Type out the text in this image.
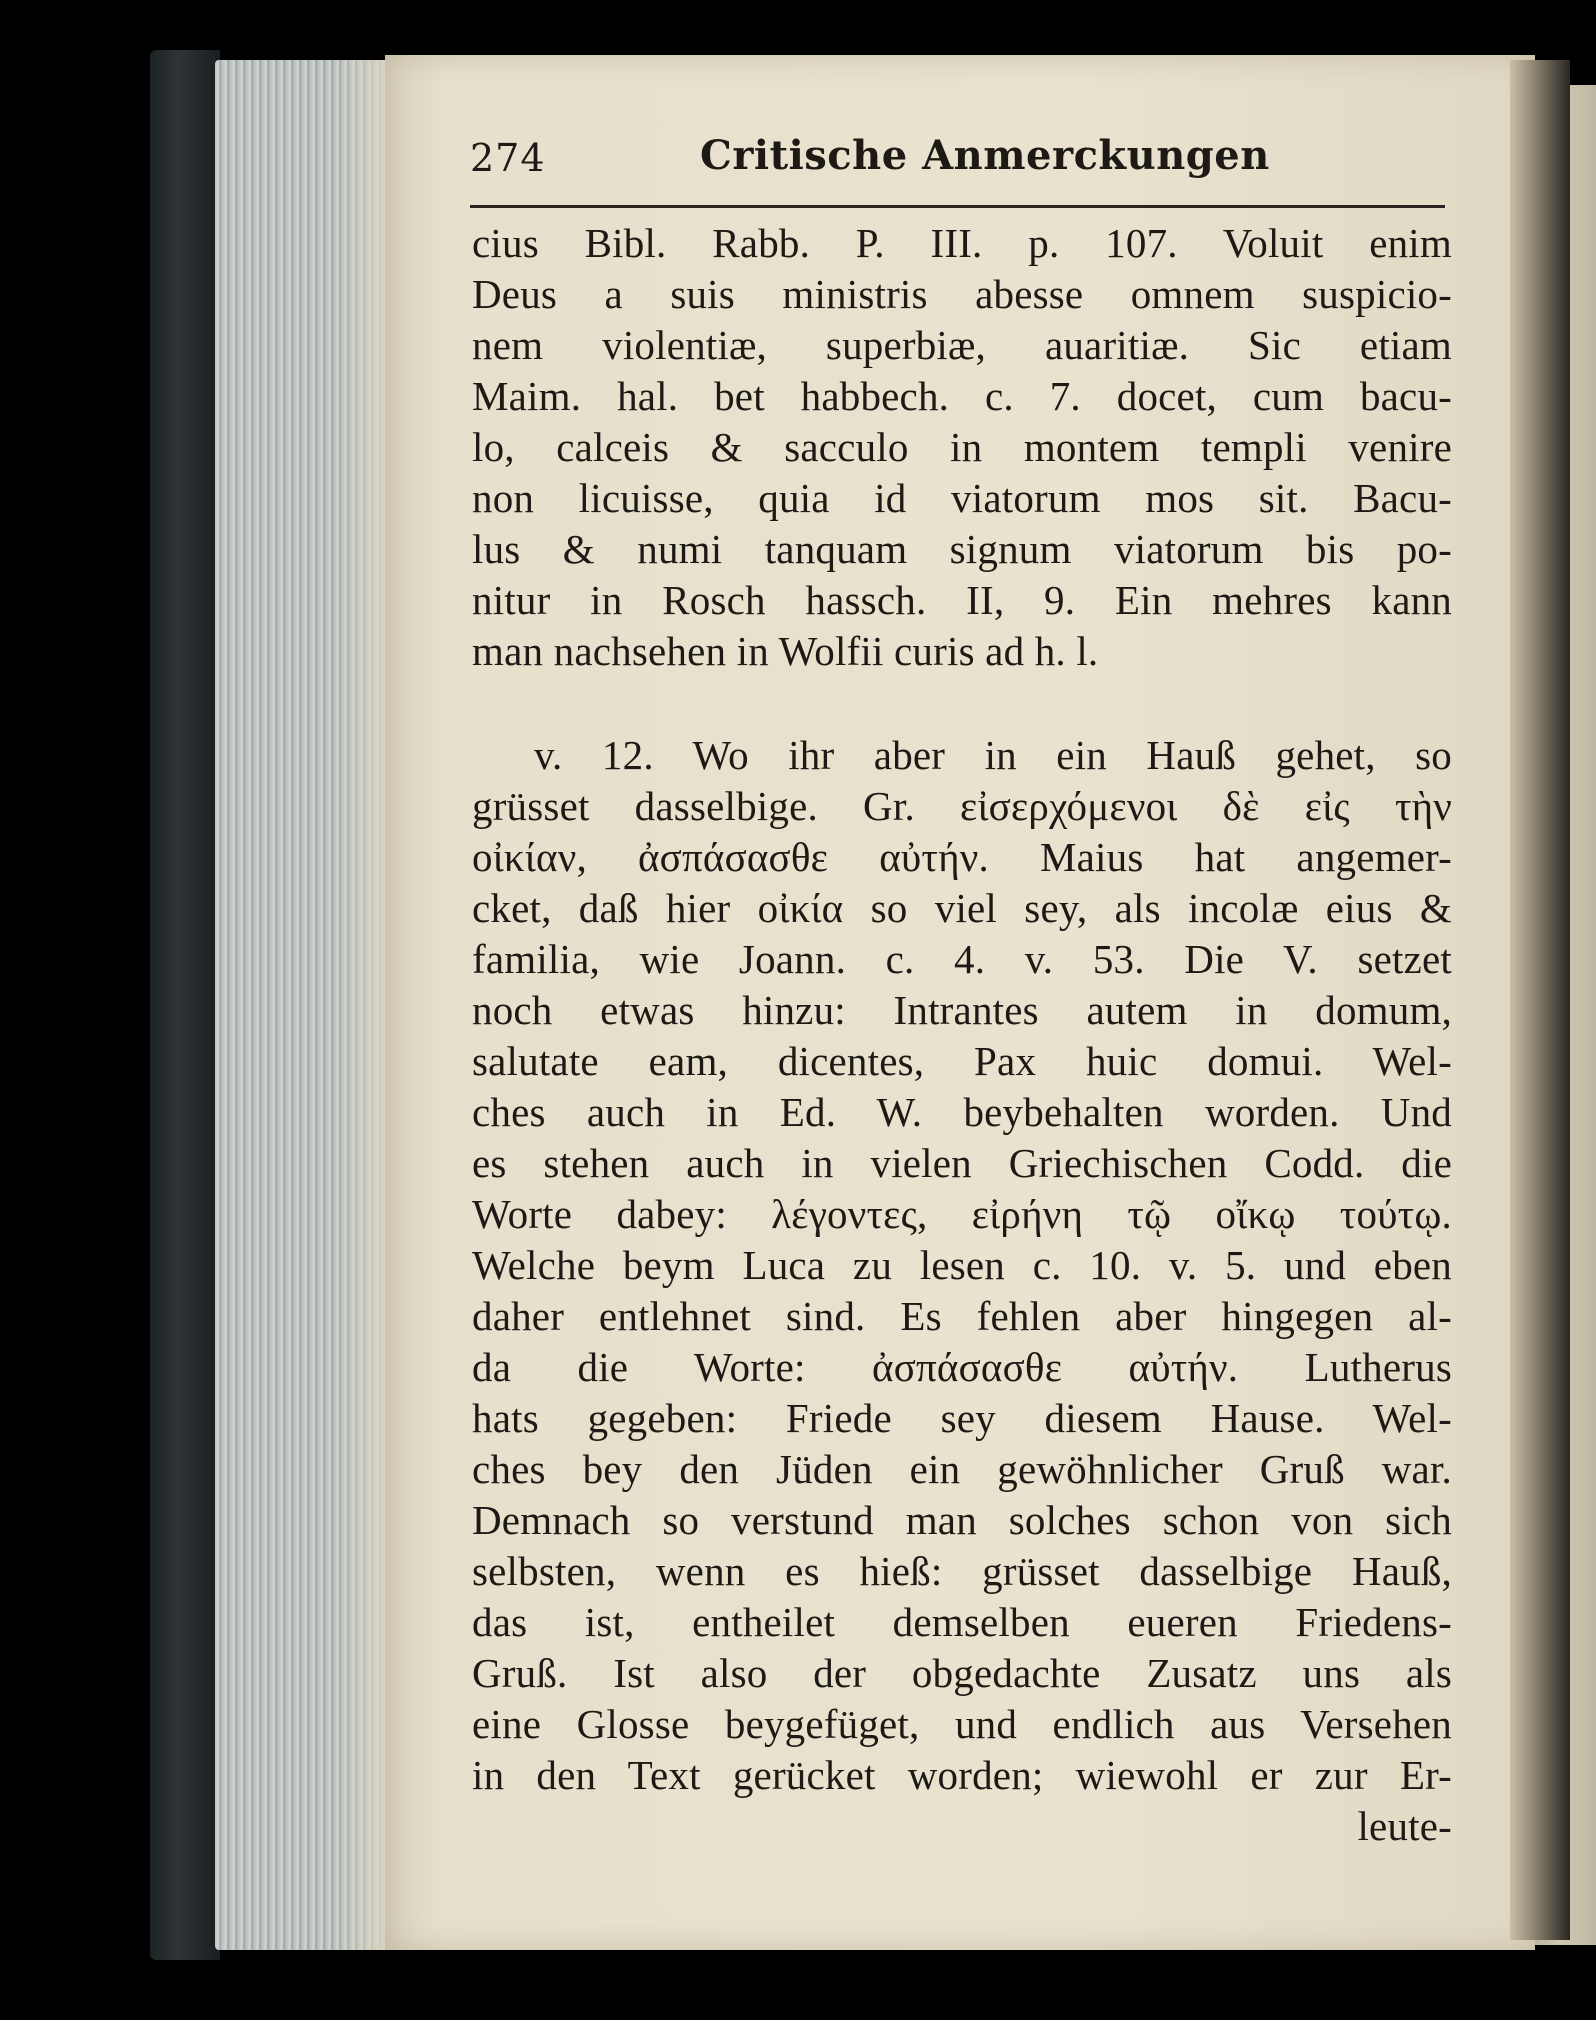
274	Critische Anmerckungen
cius Bibl. Rabb. P. III. p. 107. Voluit enim
Deus a suis ministris abesse omnem suspicio-
nem violentiæ, superbiæ, auaritiæ. Sic etiam
Maim. hal. bet habbech. c. 7. docet, cum bacu-
lo, calceis & sacculo in montem templi venire
non licuisse, quia id viatorum mos sit. Bacu-
lus & numi tanquam signum viatorum bis po-
nitur in Rosch hassch. II, 9. Ein mehres kann
man nachsehen in Wolfii curis ad h. l.
v. 12. Wo ihr aber in ein Hauß gehet, so
grüsset dasselbige. Gr. εἰσερχόμενοι δὲ εἰς τὴν
οἰκίαν, ἀσπάσασθε αὐτήν. Maius hat angemer-
cket, daß hier οἰκία so viel sey, als incolæ eius &
familia, wie Joann. c. 4. v. 53. Die V. setzet
noch etwas hinzu: Intrantes autem in domum,
salutate eam, dicentes, Pax huic domui. Wel-
ches auch in Ed. W. beybehalten worden. Und
es stehen auch in vielen Griechischen Codd. die
Worte dabey: λέγοντες, εἰρήνη τῷ οἴκῳ τούτῳ.
Welche beym Luca zu lesen c. 10. v. 5. und eben
daher entlehnet sind. Es fehlen aber hingegen al-
da die Worte: ἀσπάσασθε αὐτήν. Lutherus
hats gegeben: Friede sey diesem Hause. Wel-
ches bey den Jüden ein gewöhnlicher Gruß war.
Demnach so verstund man solches schon von sich
selbsten, wenn es hieß: grüsset dasselbige Hauß,
das ist, entheilet demselben eueren Friedens-
Gruß. Ist also der obgedachte Zusatz uns als
eine Glosse beygefüget, und endlich aus Versehen
in den Text gerücket worden; wiewohl er zur Er-
leute-
